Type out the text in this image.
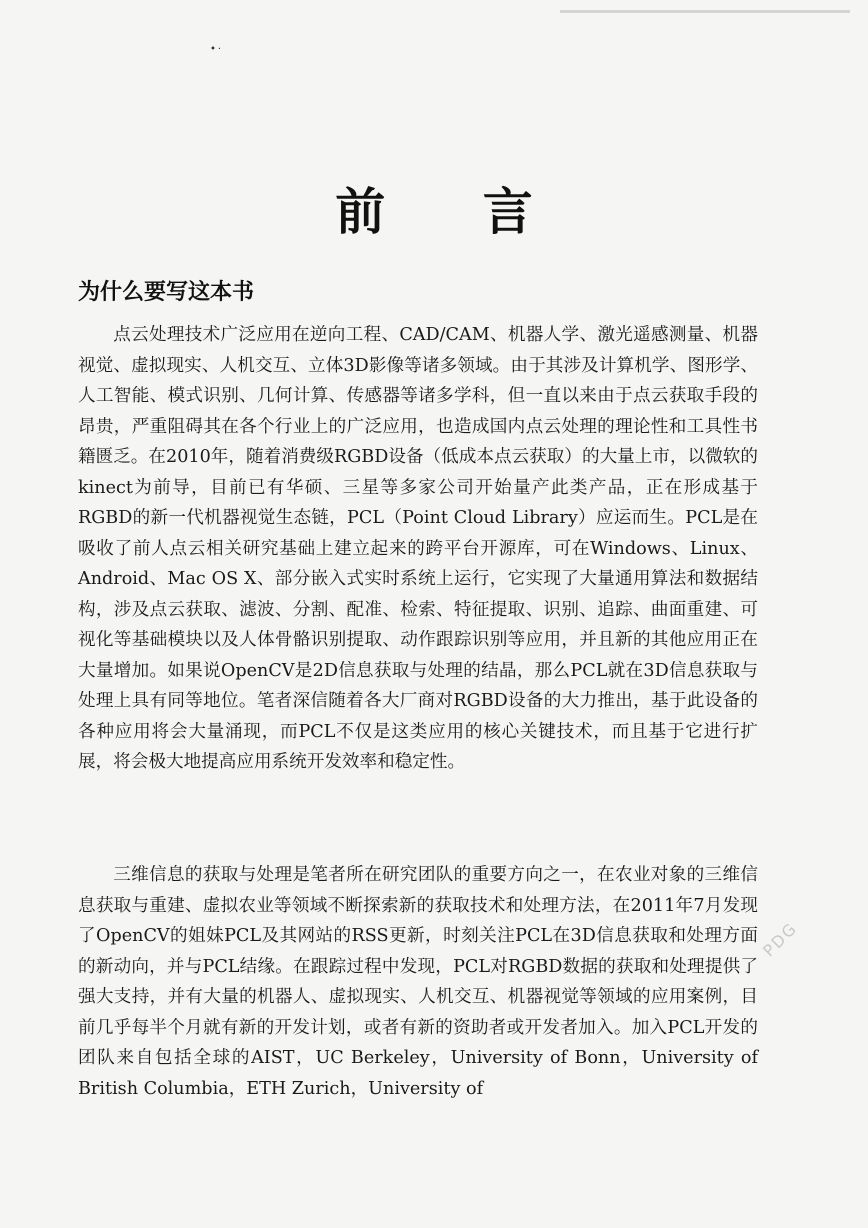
•·
前 言
为什么要写这本书

点云处理技术广泛应用在逆向工程、CAD/CAM、机器人学、激光遥感测量、机器视觉、虚拟现实、人机交互、立体3D影像等诸多领域。由于其涉及计算机学、图形学、人工智能、模式识别、几何计算、传感器等诸多学科，但一直以来由于点云获取手段的昂贵，严重阻碍其在各个行业上的广泛应用，也造成国内点云处理的理论性和工具性书籍匮乏。在2010年，随着消费级RGBD设备（低成本点云获取）的大量上市，以微软的kinect为前导，目前已有华硕、三星等多家公司开始量产此类产品，正在形成基于RGBD的新一代机器视觉生态链，PCL（Point Cloud Library）应运而生。PCL是在吸收了前人点云相关研究基础上建立起来的跨平台开源库，可在Windows、Linux、Android、Mac OS X、部分嵌入式实时系统上运行，它实现了大量通用算法和数据结构，涉及点云获取、滤波、分割、配准、检索、特征提取、识别、追踪、曲面重建、可视化等基础模块以及人体骨骼识别提取、动作跟踪识别等应用，并且新的其他应用正在大量增加。如果说OpenCV是2D信息获取与处理的结晶，那么PCL就在3D信息获取与处理上具有同等地位。笔者深信随着各大厂商对RGBD设备的大力推出，基于此设备的各种应用将会大量涌现，而PCL不仅是这类应用的核心关键技术，而且基于它进行扩展，将会极大地提高应用系统开发效率和稳定性。

三维信息的获取与处理是笔者所在研究团队的重要方向之一，在农业对象的三维信息获取与重建、虚拟农业等领域不断探索新的获取技术和处理方法，在2011年7月发现了OpenCV的姐妹PCL及其网站的RSS更新，时刻关注PCL在3D信息获取和处理方面的新动向，并与PCL结缘。在跟踪过程中发现，PCL对RGBD数据的获取和处理提供了强大支持，并有大量的机器人、虚拟现实、人机交互、机器视觉等领域的应用案例，目前几乎每半个月就有新的开发计划，或者有新的资助者或开发者加入。加入PCL开发的团队来自包括全球的AIST，UC Berkeley，University of Bonn，University of British Columbia，ETH Zurich，University of

PDG
